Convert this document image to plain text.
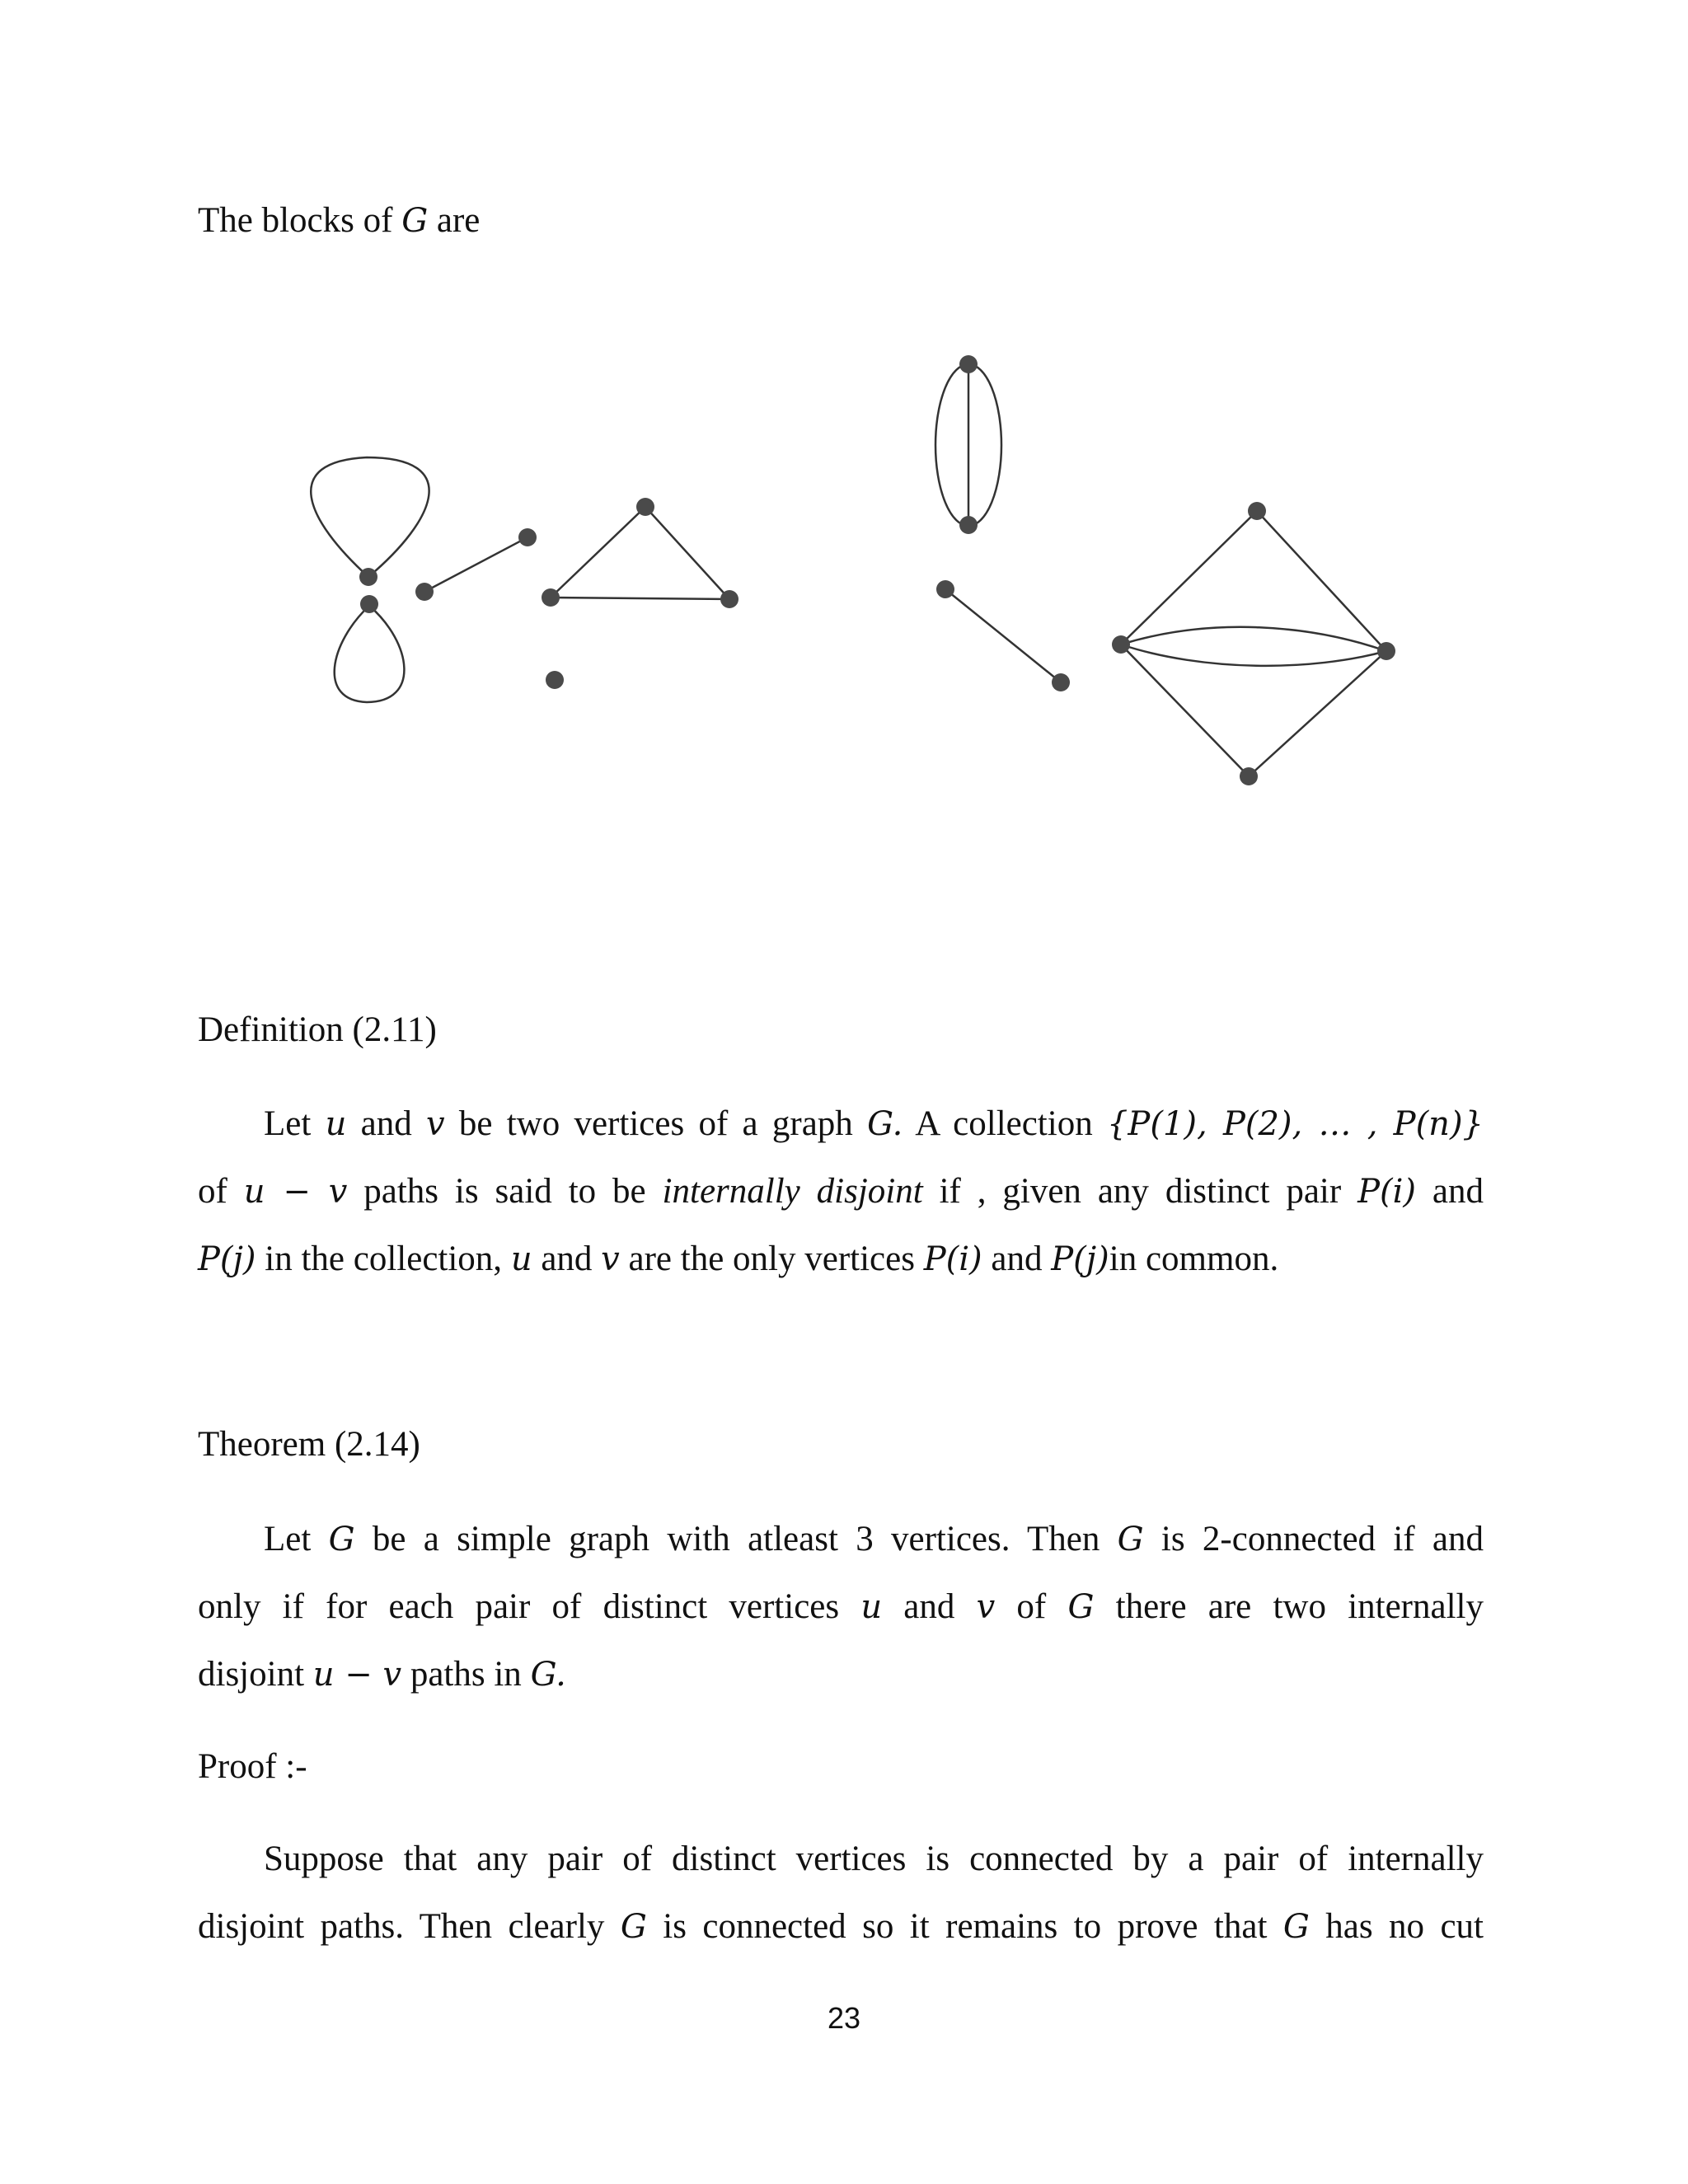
The blocks of G are
Definition (2.11)
Let u and v be two vertices of a graph G. A collection {P(1), P(2), … , P(n)}
of u − v paths is said to be internally disjoint if , given any distinct pair P(i) and
P(j) in the collection, u and v are the only vertices P(i) and P(j)in common.
Theorem (2.14)
Let G be a simple graph with atleast 3 vertices. Then G is 2-connected if and
only if for each pair of distinct vertices u and v of G there are two internally
disjoint u − v paths in G.
Proof :-
Suppose that any pair of distinct vertices is connected by a pair of internally
disjoint paths. Then clearly G is connected so it remains to prove that G has no cut
23
